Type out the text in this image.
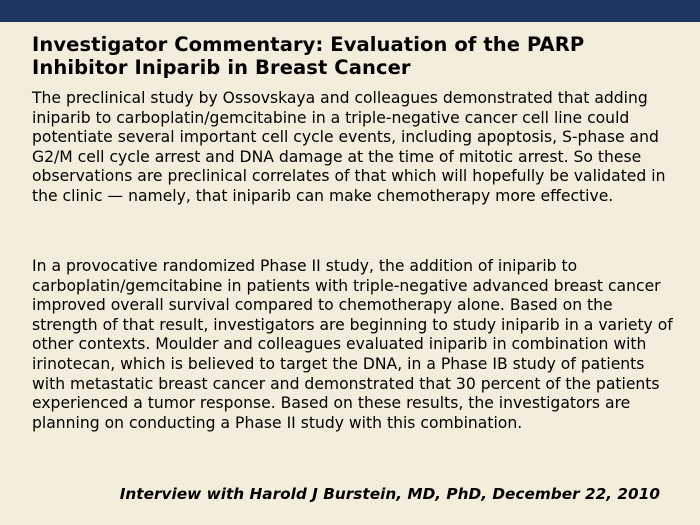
Investigator Commentary: Evaluation of the PARP
Inhibitor Iniparib in Breast Cancer

The preclinical study by Ossovskaya and colleagues demonstrated that adding iniparib to carboplatin/gemcitabine in a triple-negative cancer cell line could potentiate several important cell cycle events, including apoptosis, S-phase and G2/M cell cycle arrest and DNA damage at the time of mitotic arrest. So these observations are preclinical correlates of that which will hopefully be validated in the clinic — namely, that iniparib can make chemotherapy more effective.

In a provocative randomized Phase II study, the addition of iniparib to carboplatin/gemcitabine in patients with triple-negative advanced breast cancer improved overall survival compared to chemotherapy alone. Based on the strength of that result, investigators are beginning to study iniparib in a variety of other contexts. Moulder and colleagues evaluated iniparib in combination with irinotecan, which is believed to target the DNA, in a Phase IB study of patients with metastatic breast cancer and demonstrated that 30 percent of the patients experienced a tumor response. Based on these results, the investigators are planning on conducting a Phase II study with this combination.

Interview with Harold J Burstein, MD, PhD, December 22, 2010
